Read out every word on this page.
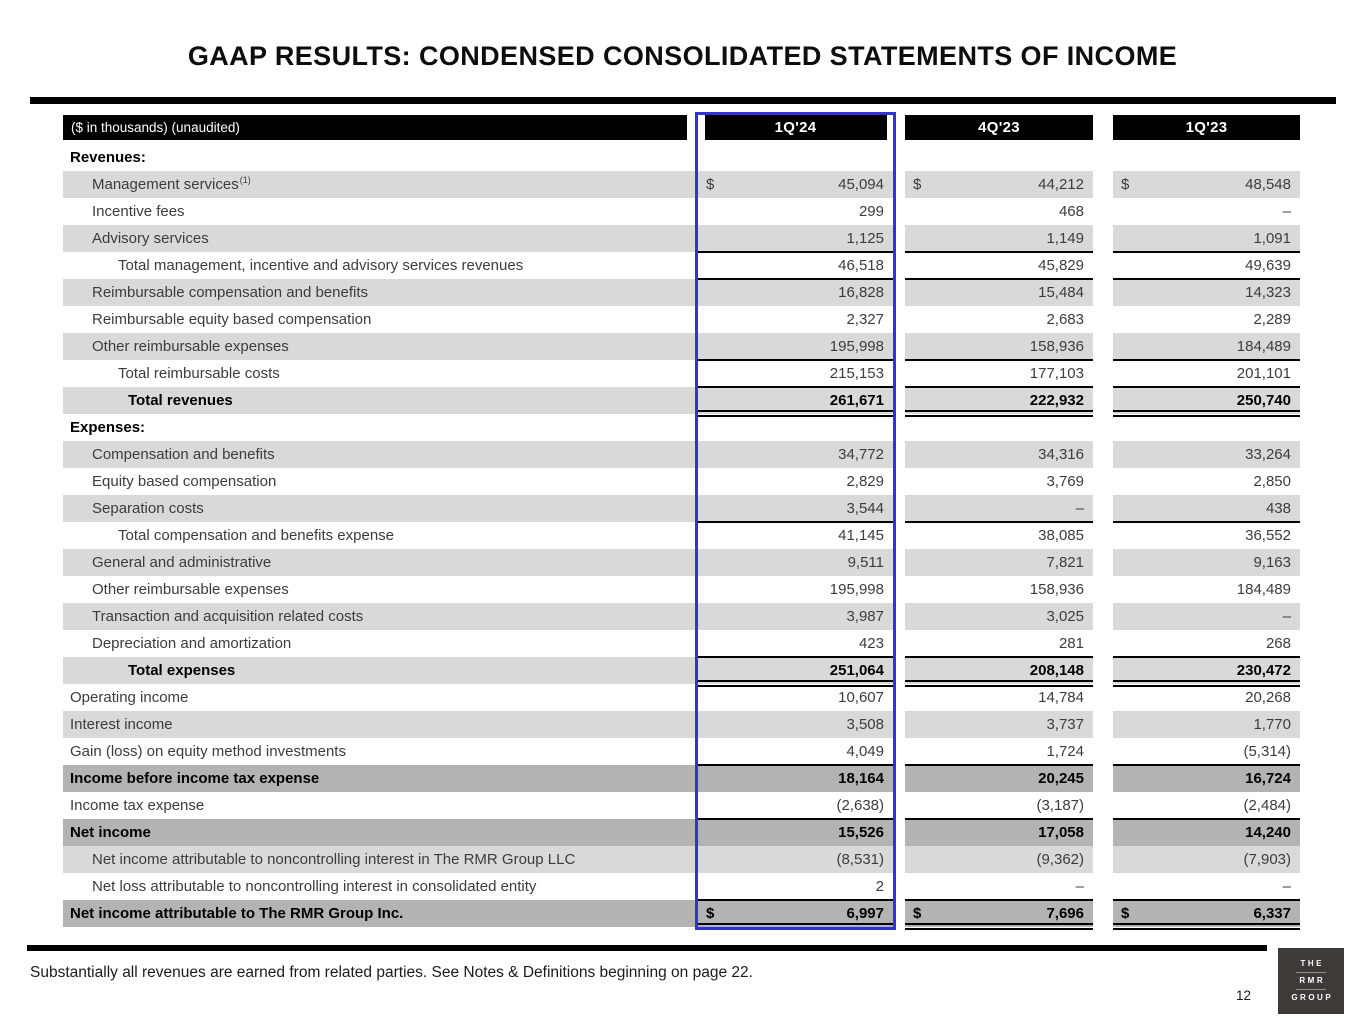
GAAP RESULTS: CONDENSED CONSOLIDATED STATEMENTS OF INCOME
($ in thousands) (unaudited)	1Q'24	4Q'23	1Q'23
Revenues:
Management services (1)	$	45,094	$	44,212	$	48,548
Incentive fees	299	468	–
Advisory services	1,125	1,149	1,091
Total management, incentive and advisory services revenues	46,518	45,829	49,639
Reimbursable compensation and benefits	16,828	15,484	14,323
Reimbursable equity based compensation	2,327	2,683	2,289
Other reimbursable expenses	195,998	158,936	184,489
Total reimbursable costs	215,153	177,103	201,101
Total revenues	261,671	222,932	250,740
Expenses:
Compensation and benefits	34,772	34,316	33,264
Equity based compensation	2,829	3,769	2,850
Separation costs	3,544	–	438
Total compensation and benefits expense	41,145	38,085	36,552
General and administrative	9,511	7,821	9,163
Other reimbursable expenses	195,998	158,936	184,489
Transaction and acquisition related costs	3,987	3,025	–
Depreciation and amortization	423	281	268
Total expenses	251,064	208,148	230,472
Operating income	10,607	14,784	20,268
Interest income	3,508	3,737	1,770
Gain (loss) on equity method investments	4,049	1,724	(5,314)
Income before income tax expense	18,164	20,245	16,724
Income tax expense	(2,638)	(3,187)	(2,484)
Net income	15,526	17,058	14,240
Net income attributable to noncontrolling interest in The RMR Group LLC	(8,531)	(9,362)	(7,903)
Net loss attributable to noncontrolling interest in consolidated entity	2	–	–
Net income attributable to The RMR Group Inc.	$	6,997	$	7,696	$	6,337
Substantially all revenues are earned from related parties. See Notes & Definitions beginning on page 22.
12
THE
RMR
GROUP
